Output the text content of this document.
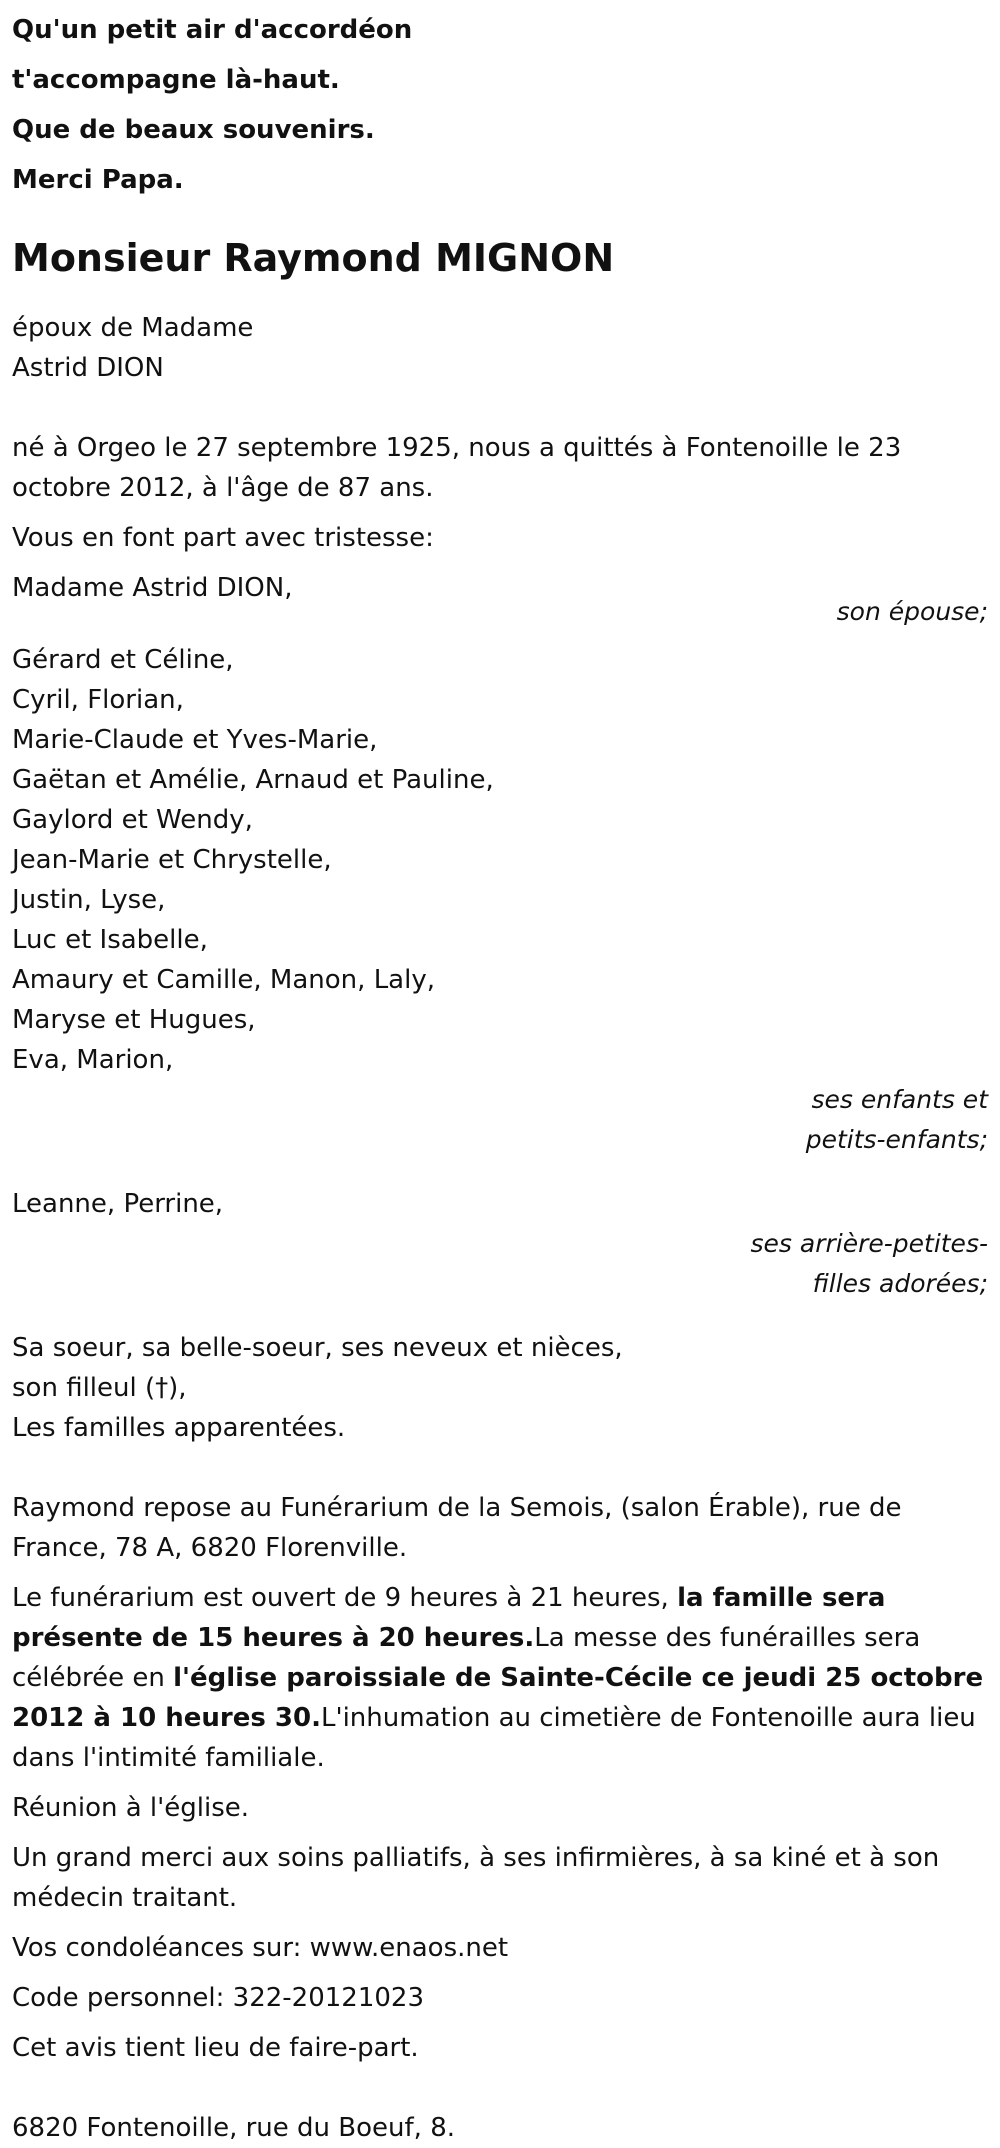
Qu'un petit air d'accordéon

t'accompagne là-haut.

Que de beaux souvenirs.

Merci Papa.

Monsieur Raymond MIGNON

époux de Madame

Astrid DION

né à Orgeo le 27 septembre 1925, nous a quittés à Fontenoille le 23 octobre 2012, à l'âge de 87 ans.

Vous en font part avec tristesse:

Madame Astrid DION,

son épouse;

Gérard et Céline,

Cyril, Florian,

Marie-Claude et Yves-Marie,

Gaëtan et Amélie, Arnaud et Pauline,

Gaylord et Wendy,

Jean-Marie et Chrystelle,

Justin, Lyse,

Luc et Isabelle,

Amaury et Camille, Manon, Laly,

Maryse et Hugues,

Eva, Marion,

ses enfants et

petits-enfants;

Leanne, Perrine,

ses arrière-petites-

filles adorées;

Sa soeur, sa belle-soeur, ses neveux et nièces,

son filleul (†),

Les familles apparentées.

Raymond repose au Funérarium de la Semois, (salon Érable), rue de France, 78 A, 6820 Florenville.

Le funérarium est ouvert de 9 heures à 21 heures, la famille sera présente de 15 heures à 20 heures.La messe des funérailles sera célébrée en l'église paroissiale de Sainte-Cécile ce jeudi 25 octobre 2012 à 10 heures 30.L'inhumation au cimetière de Fontenoille aura lieu dans l'intimité familiale.

Réunion à l'église.

Un grand merci aux soins palliatifs, à ses infirmières, à sa kiné et à son médecin traitant.

Vos condoléances sur: www.enaos.net

Code personnel: 322-20121023

Cet avis tient lieu de faire-part.

6820 Fontenoille, rue du Boeuf, 8.
